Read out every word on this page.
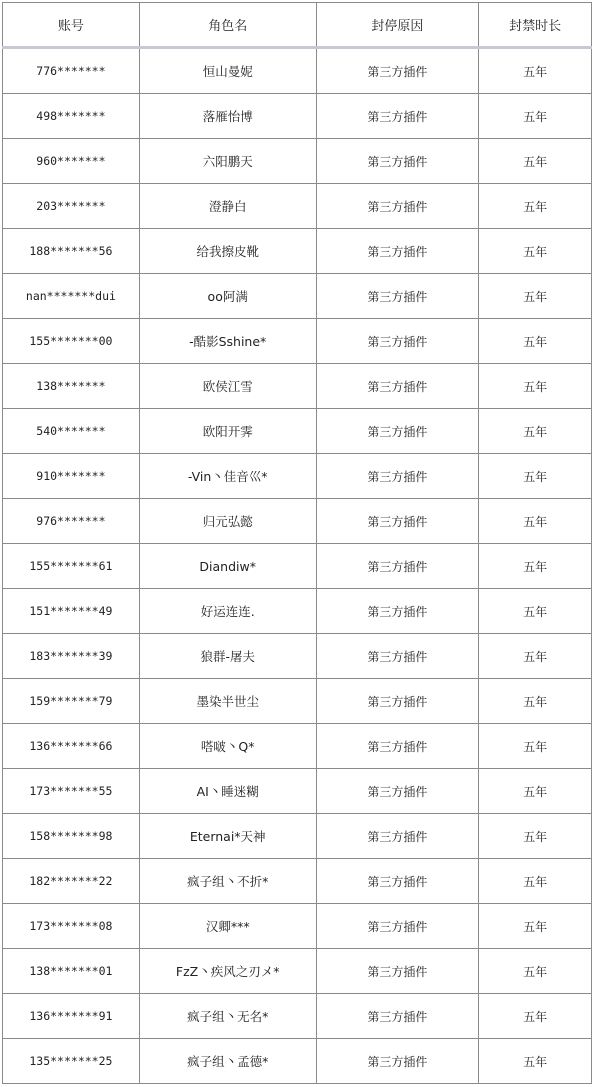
账号	角色名	封停原因	封禁时长
776*******	恒山曼妮	第三方插件	五年
498*******	落雁怡博	第三方插件	五年
960*******	六阳鹏天	第三方插件	五年
203*******	澄静白	第三方插件	五年
188*******56	给我擦皮靴	第三方插件	五年
nan*******dui	oo阿满	第三方插件	五年
155*******00	-酷影Sshine*	第三方插件	五年
138*******	欧侯江雪	第三方插件	五年
540*******	欧阳开霁	第三方插件	五年
910*******	-Vin丶佳音巛*	第三方插件	五年
976*******	归元弘懿	第三方插件	五年
155*******61	Diandiw*	第三方插件	五年
151*******49	好运连连.	第三方插件	五年
183*******39	狼群-屠夫	第三方插件	五年
159*******79	墨染半世尘	第三方插件	五年
136*******66	嗒啵丶Q*	第三方插件	五年
173*******55	AI丶睡迷糊	第三方插件	五年
158*******98	Eternai*天神	第三方插件	五年
182*******22	疯子组丶不折*	第三方插件	五年
173*******08	汉卿***	第三方插件	五年
138*******01	FzZ丶疾风之刃メ*	第三方插件	五年
136*******91	疯子组丶无名*	第三方插件	五年
135*******25	疯子组丶孟德*	第三方插件	五年
